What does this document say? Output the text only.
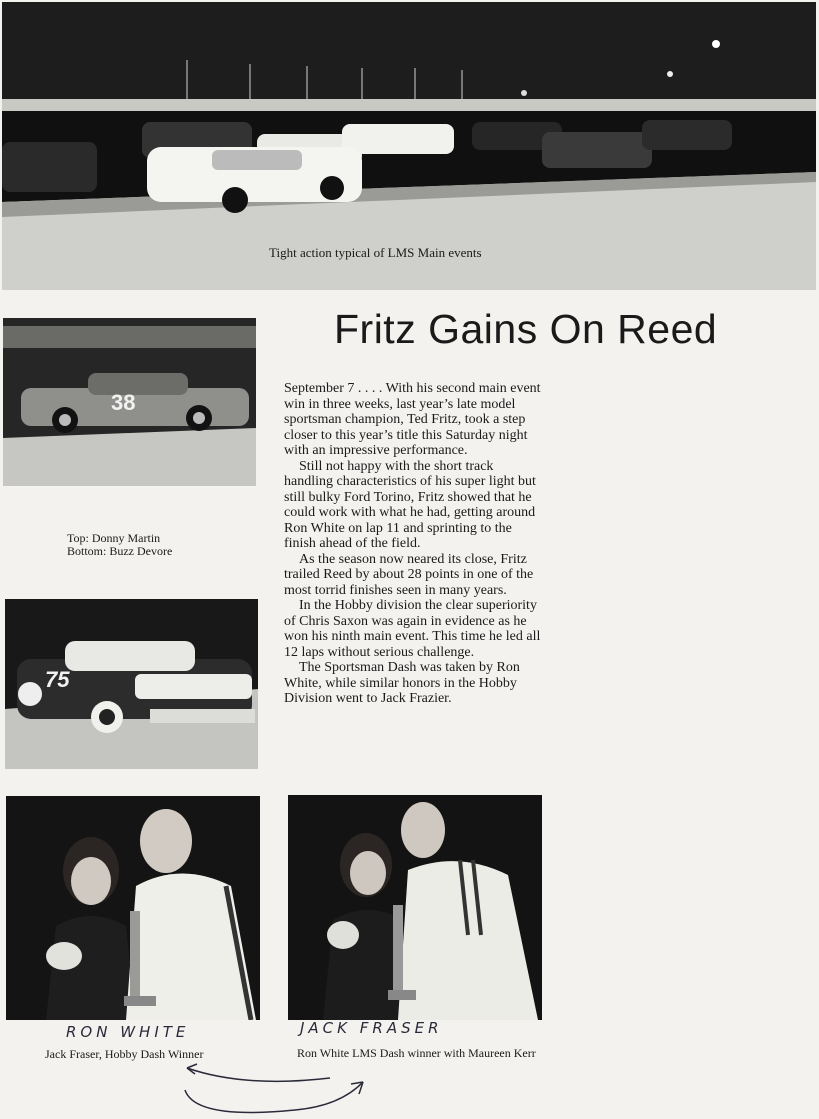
Tight action typical of LMS Main events
Fritz Gains On Reed
38
Top: Donny Martin
Bottom: Buzz Devore
75

September 7 . . . . With his second main event win in three weeks, last year’s late model sportsman champion, Ted Fritz, took a step closer to this year’s title this Saturday night with an impressive performance.

Still not happy with the short track handling characteristics of his super light but still bulky Ford Torino, Fritz showed that he could work with what he had, getting around Ron White on lap 11 and sprinting to the finish ahead of the field.

As the season now neared its close, Fritz trailed Reed by about 28 points in one of the most torrid finishes seen in many years.

In the Hobby division the clear superiority of Chris Saxon was again in evidence as he won his ninth main event. This time he led all 12 laps without serious challenge.

The Sportsman Dash was taken by Ron White, while similar honors in the Hobby Division went to Jack Frazier.

RON WHITE
Jack Fraser, Hobby Dash Winner
JACK FRASER
Ron White LMS Dash winner with Maureen Kerr
